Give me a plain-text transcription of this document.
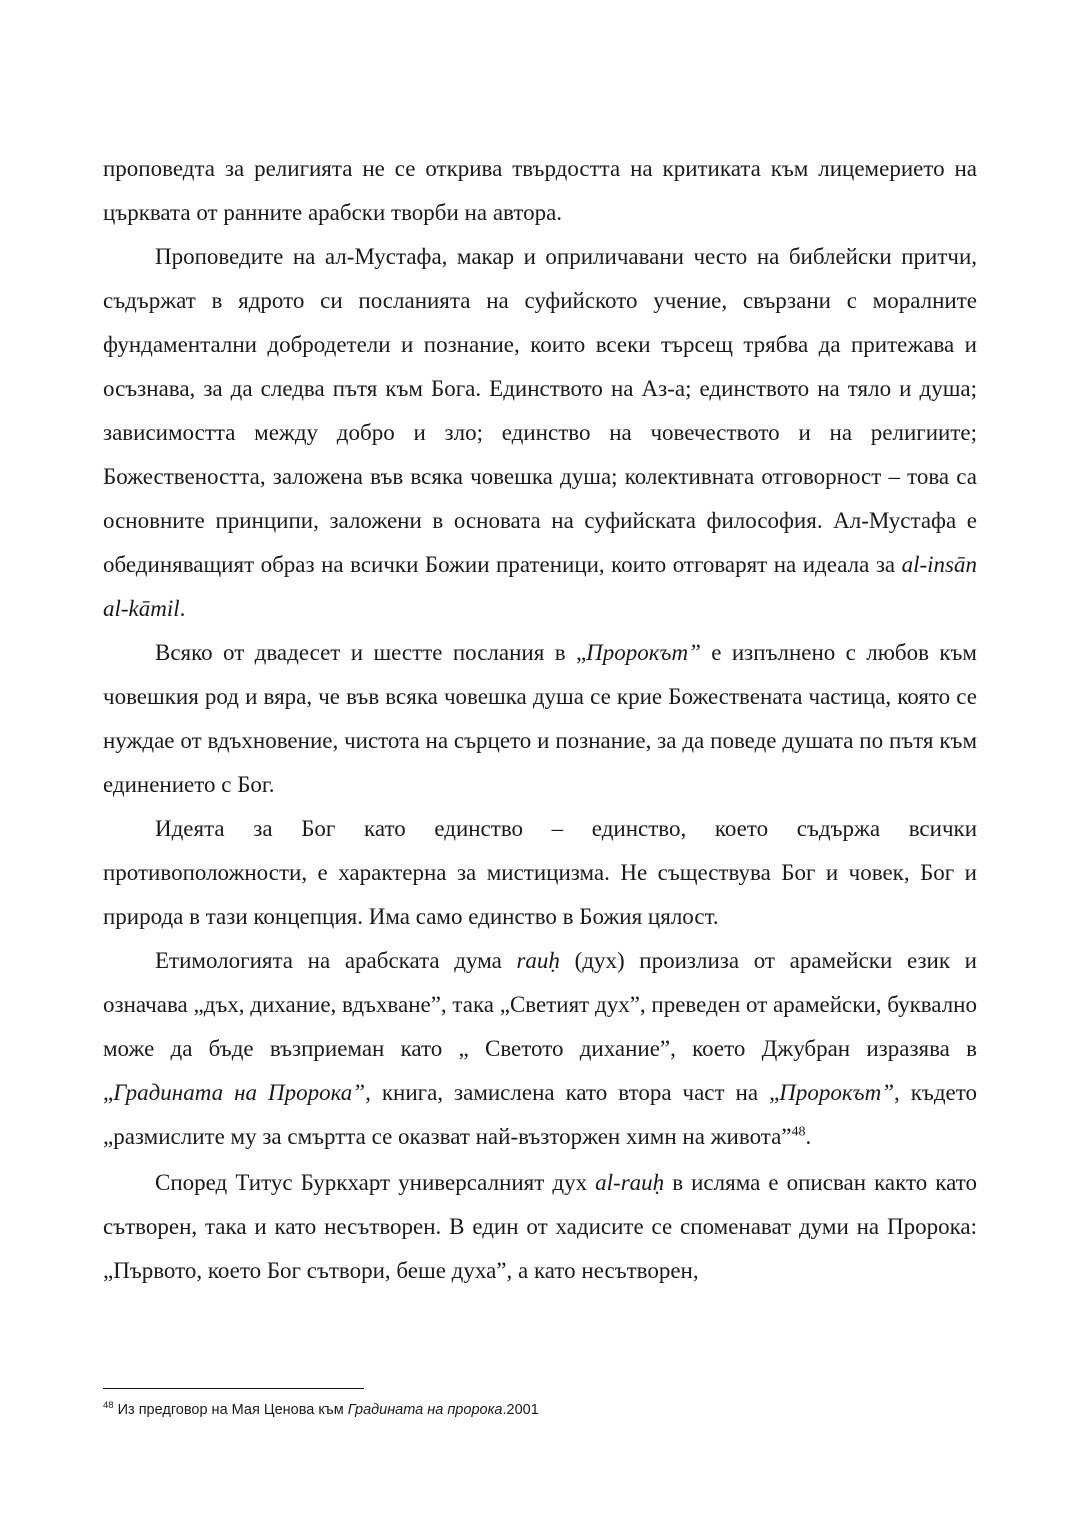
проповедта за религията не се открива твърдостта на критиката към лицемерието на църквата от ранните арабски творби на автора.

Проповедите на ал-Мустафа, макар и оприличавани често на библейски притчи, съдържат в ядрото си посланията на суфийското учение, свързани с моралните фундаментални добродетели и познание, които всеки търсещ трябва да притежава и осъзнава, за да следва пътя към Бога. Единството на Аз-а; единството на тяло и душа; зависимостта между добро и зло; единство на човечеството и на религиите; Божествеността, заложена във всяка човешка душа; колективната отговорност – това са основните принципи, заложени в основата на суфийската философия. Ал-Мустафа е обединяващият образ на всички Божии пратеници, които отговарят на идеала за al-insān al-kāmil.

Всяко от двадесет и шестте послания в „Пророкът” е изпълнено с любов към човешкия род и вяра, че във всяка човешка душа се крие Божествената частица, която се нуждае от вдъхновение, чистота на сърцето и познание, за да поведе душата по пътя към единението с Бог.

Идеята за Бог като единство – единство, което съдържа всички противоположности, е характерна за мистицизма. Не съществува Бог и човек, Бог и природа в тази концепция. Има само единство в Божия цялост.

Етимологията на арабската дума rauḥ (дух) произлиза от арамейски език и означава „дъх, дихание, вдъхване”, така „Светият дух”, преведен от арамейски, буквално може да бъде възприеман като „ Светото дихание”, което Джубран изразява в „Градината на Пророка”, книга, замислена като втора част на „Пророкът”, където „размислите му за смъртта се оказват най-възторжен химн на живота”$^{48}$.

Според Титус Буркхарт универсалният дух al-rauḥ в исляма е описван както като сътворен, така и като несътворен. В един от хадисите се споменават думи на Пророка: „Първото, което Бог сътвори, беше духа”, а като несътворен,

$^{48}$ Из предговор на Мая Ценова към Градината на пророка.2001
